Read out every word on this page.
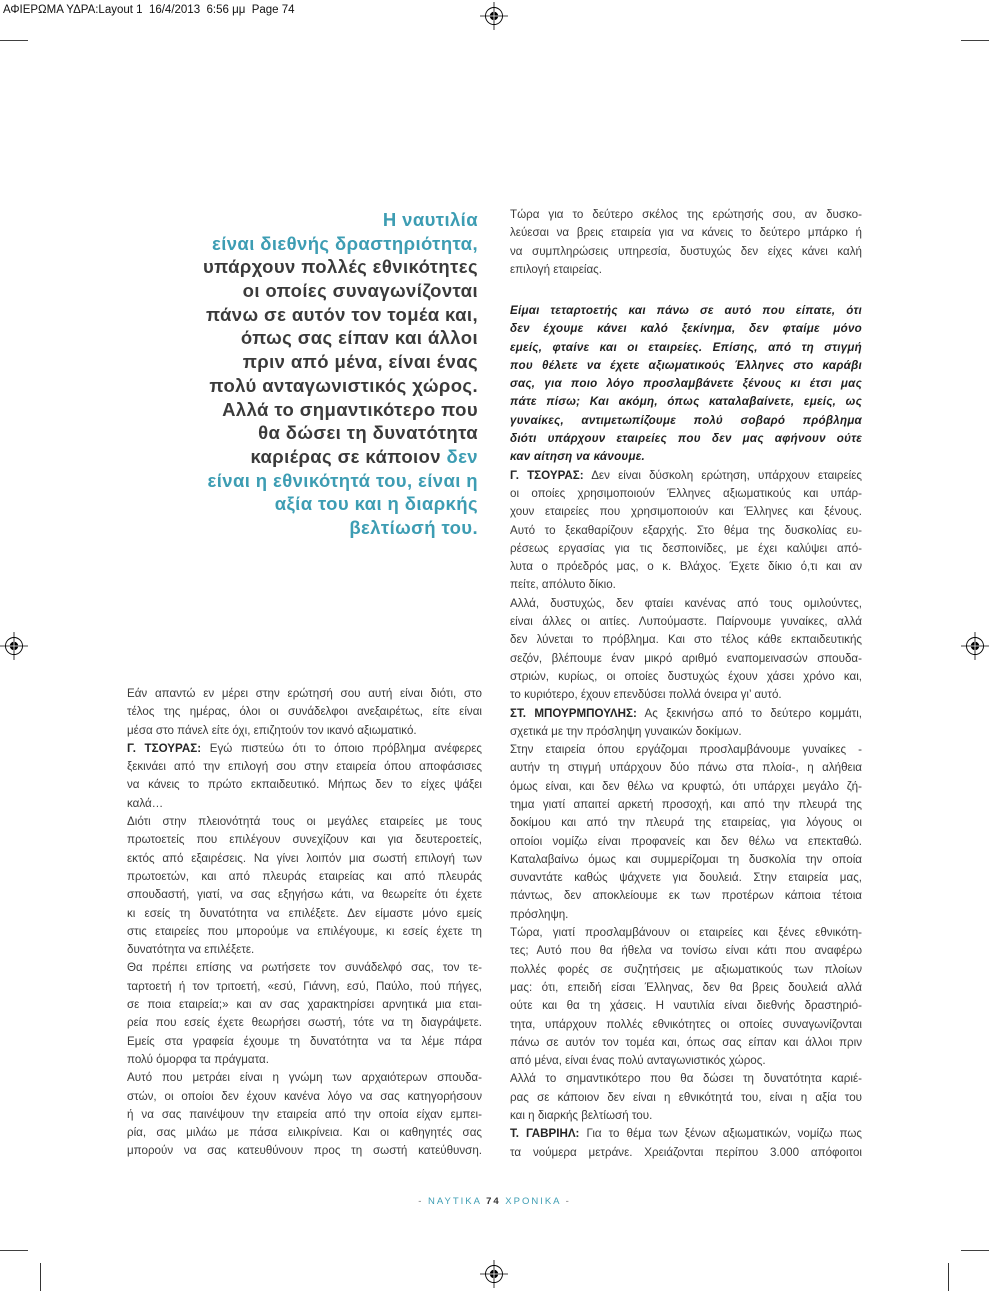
ΑΦΙΕΡΩΜΑ ΥΔΡΑ:Layout 1  16/4/2013  6:56 μμ  Page 74
Η ναυτιλία
είναι διεθνής δραστηριότητα,
υπάρχουν πολλές εθνικότητες
οι οποίες συναγωνίζονται
πάνω σε αυτόν τον τομέα και,
όπως σας είπαν και άλλοι
πριν από μένα, είναι ένας
πολύ ανταγωνιστικός χώρος.
Αλλά το σημαντικότερο που
θα δώσει τη δυνατότητα
καριέρας σε κάποιον δεν
είναι η εθνικότητά του, είναι η
αξία του και η διαρκής
βελτίωσή του.
Εάν απαντώ εν μέρει στην ερώτησή σου αυτή είναι διότι, στο
τέλος της ημέρας, όλοι οι συνάδελφοι ανεξαιρέτως, είτε είναι
μέσα στο πάνελ είτε όχι, επιζητούν τον ικανό αξιωματικό.
Γ. ΤΣΟΥΡΑΣ: Εγώ πιστεύω ότι το όποιο πρόβλημα ανέφερες
ξεκινάει από την επιλογή σου στην εταιρεία όπου αποφάσισες
να κάνεις το πρώτο εκπαιδευτικό. Μήπως δεν το είχες ψάξει
καλά…
Διότι στην πλειονότητά τους οι μεγάλες εταιρείες με τους
πρωτοετείς που επιλέγουν συνεχίζουν και για δευτεροετείς,
εκτός από εξαιρέσεις. Να γίνει λοιπόν μια σωστή επιλογή των
πρωτοετών, και από πλευράς εταιρείας και από πλευράς
σπουδαστή, γιατί, να σας εξηγήσω κάτι, να θεωρείτε ότι έχετε
κι εσείς τη δυνατότητα να επιλέξετε. Δεν είμαστε μόνο εμείς
στις εταιρείες που μπορούμε να επιλέγουμε, κι εσείς έχετε τη
δυνατότητα να επιλέξετε.
Θα πρέπει επίσης να ρωτήσετε τον συνάδελφό σας, τον τε-
ταρτοετή ή τον τριτοετή, «εσύ, Γιάννη, εσύ, Παύλο, πού πήγες,
σε ποια εταιρεία;» και αν σας χαρακτηρίσει αρνητικά μια εται-
ρεία που εσείς έχετε θεωρήσει σωστή, τότε να τη διαγράψετε.
Εμείς στα γραφεία έχουμε τη δυνατότητα να τα λέμε πάρα
πολύ όμορφα τα πράγματα.
Αυτό που μετράει είναι η γνώμη των αρχαιότερων σπουδα-
στών, οι οποίοι δεν έχουν κανένα λόγο να σας κατηγορήσουν
ή να σας παινέψουν την εταιρεία από την οποία είχαν εμπει-
ρία, σας μιλάω με πάσα ειλικρίνεια. Και οι καθηγητές σας
μπορούν να σας κατευθύνουν προς τη σωστή κατεύθυνση.
Τώρα για το δεύτερο σκέλος της ερώτησής σου, αν δυσκο-
λεύεσαι να βρεις εταιρεία για να κάνεις το δεύτερο μπάρκο ή
να συμπληρώσεις υπηρεσία, δυστυχώς δεν είχες κάνει καλή
επιλογή εταιρείας.
Είμαι τεταρτοετής και πάνω σε αυτό που είπατε, ότι
δεν έχουμε κάνει καλό ξεκίνημα, δεν φταίμε μόνο
εμείς, φταίνε και οι εταιρείες. Επίσης, από τη στιγμή
που θέλετε να έχετε αξιωματικούς Έλληνες στο καράβι
σας, για ποιο λόγο προσλαμβάνετε ξένους κι έτσι μας
πάτε πίσω; Και ακόμη, όπως καταλαβαίνετε, εμείς, ως
γυναίκες, αντιμετωπίζουμε πολύ σοβαρό πρόβλημα
διότι υπάρχουν εταιρείες που δεν μας αφήνουν ούτε
καν αίτηση να κάνουμε.
Γ. ΤΣΟΥΡΑΣ: Δεν είναι δύσκολη ερώτηση, υπάρχουν εταιρείες
οι οποίες χρησιμοποιούν Έλληνες αξιωματικούς και υπάρ-
χουν εταιρείες που χρησιμοποιούν και Έλληνες και ξένους.
Αυτό το ξεκαθαρίζουν εξαρχής. Στο θέμα της δυσκολίας ευ-
ρέσεως εργασίας για τις δεσποινίδες, με έχει καλύψει από-
λυτα ο πρόεδρός μας, ο κ. Βλάχος. Έχετε δίκιο ό,τι και αν
πείτε, απόλυτο δίκιο.
Αλλά, δυστυχώς, δεν φταίει κανένας από τους ομιλούντες,
είναι άλλες οι αιτίες. Λυπούμαστε. Παίρνουμε γυναίκες, αλλά
δεν λύνεται το πρόβλημα. Και στο τέλος κάθε εκπαιδευτικής
σεζόν, βλέπουμε έναν μικρό αριθμό εναπομεινασών σπουδα-
στριών, κυρίως, οι οποίες δυστυχώς έχουν χάσει χρόνο και,
το κυριότερο, έχουν επενδύσει πολλά όνειρα γι’ αυτό.
ΣΤ. ΜΠΟΥΡΜΠΟΥΛΗΣ: Ας ξεκινήσω από το δεύτερο κομμάτι,
σχετικά με την πρόσληψη γυναικών δοκίμων.
Στην εταιρεία όπου εργάζομαι προσλαμβάνουμε γυναίκες -
αυτήν τη στιγμή υπάρχουν δύο πάνω στα πλοία-, η αλήθεια
όμως είναι, και δεν θέλω να κρυφτώ, ότι υπάρχει μεγάλο ζή-
τημα γιατί απαιτεί αρκετή προσοχή, και από την πλευρά της
δοκίμου και από την πλευρά της εταιρείας, για λόγους οι
οποίοι νομίζω είναι προφανείς και δεν θέλω να επεκταθώ.
Καταλαβαίνω όμως και συμμερίζομαι τη δυσκολία την οποία
συναντάτε καθώς ψάχνετε για δουλειά. Στην εταιρεία μας,
πάντως, δεν αποκλείουμε εκ των προτέρων κάποια τέτοια
πρόσληψη.
Τώρα, γιατί προσλαμβάνουν οι εταιρείες και ξένες εθνικότη-
τες; Αυτό που θα ήθελα να τονίσω είναι κάτι που αναφέρω
πολλές φορές σε συζητήσεις με αξιωματικούς των πλοίων
μας: ότι, επειδή είσαι Έλληνας, δεν θα βρεις δουλειά αλλά
ούτε και θα τη χάσεις. Η ναυτιλία είναι διεθνής δραστηριό-
τητα, υπάρχουν πολλές εθνικότητες οι οποίες συναγωνίζονται
πάνω σε αυτόν τον τομέα και, όπως σας είπαν και άλλοι πριν
από μένα, είναι ένας πολύ ανταγωνιστικός χώρος.
Αλλά το σημαντικότερο που θα δώσει τη δυνατότητα καριέ-
ρας σε κάποιον δεν είναι η εθνικότητά του, είναι η αξία του
και η διαρκής βελτίωσή του.
Τ. ΓΑΒΡΙΗΛ: Για το θέμα των ξένων αξιωματικών, νομίζω πως
τα νούμερα μετράνε. Χρειάζονται περίπου 3.000 απόφοιτοι
- ΝΑΥΤΙΚΑ 74 ΧΡΟΝΙΚΑ -
